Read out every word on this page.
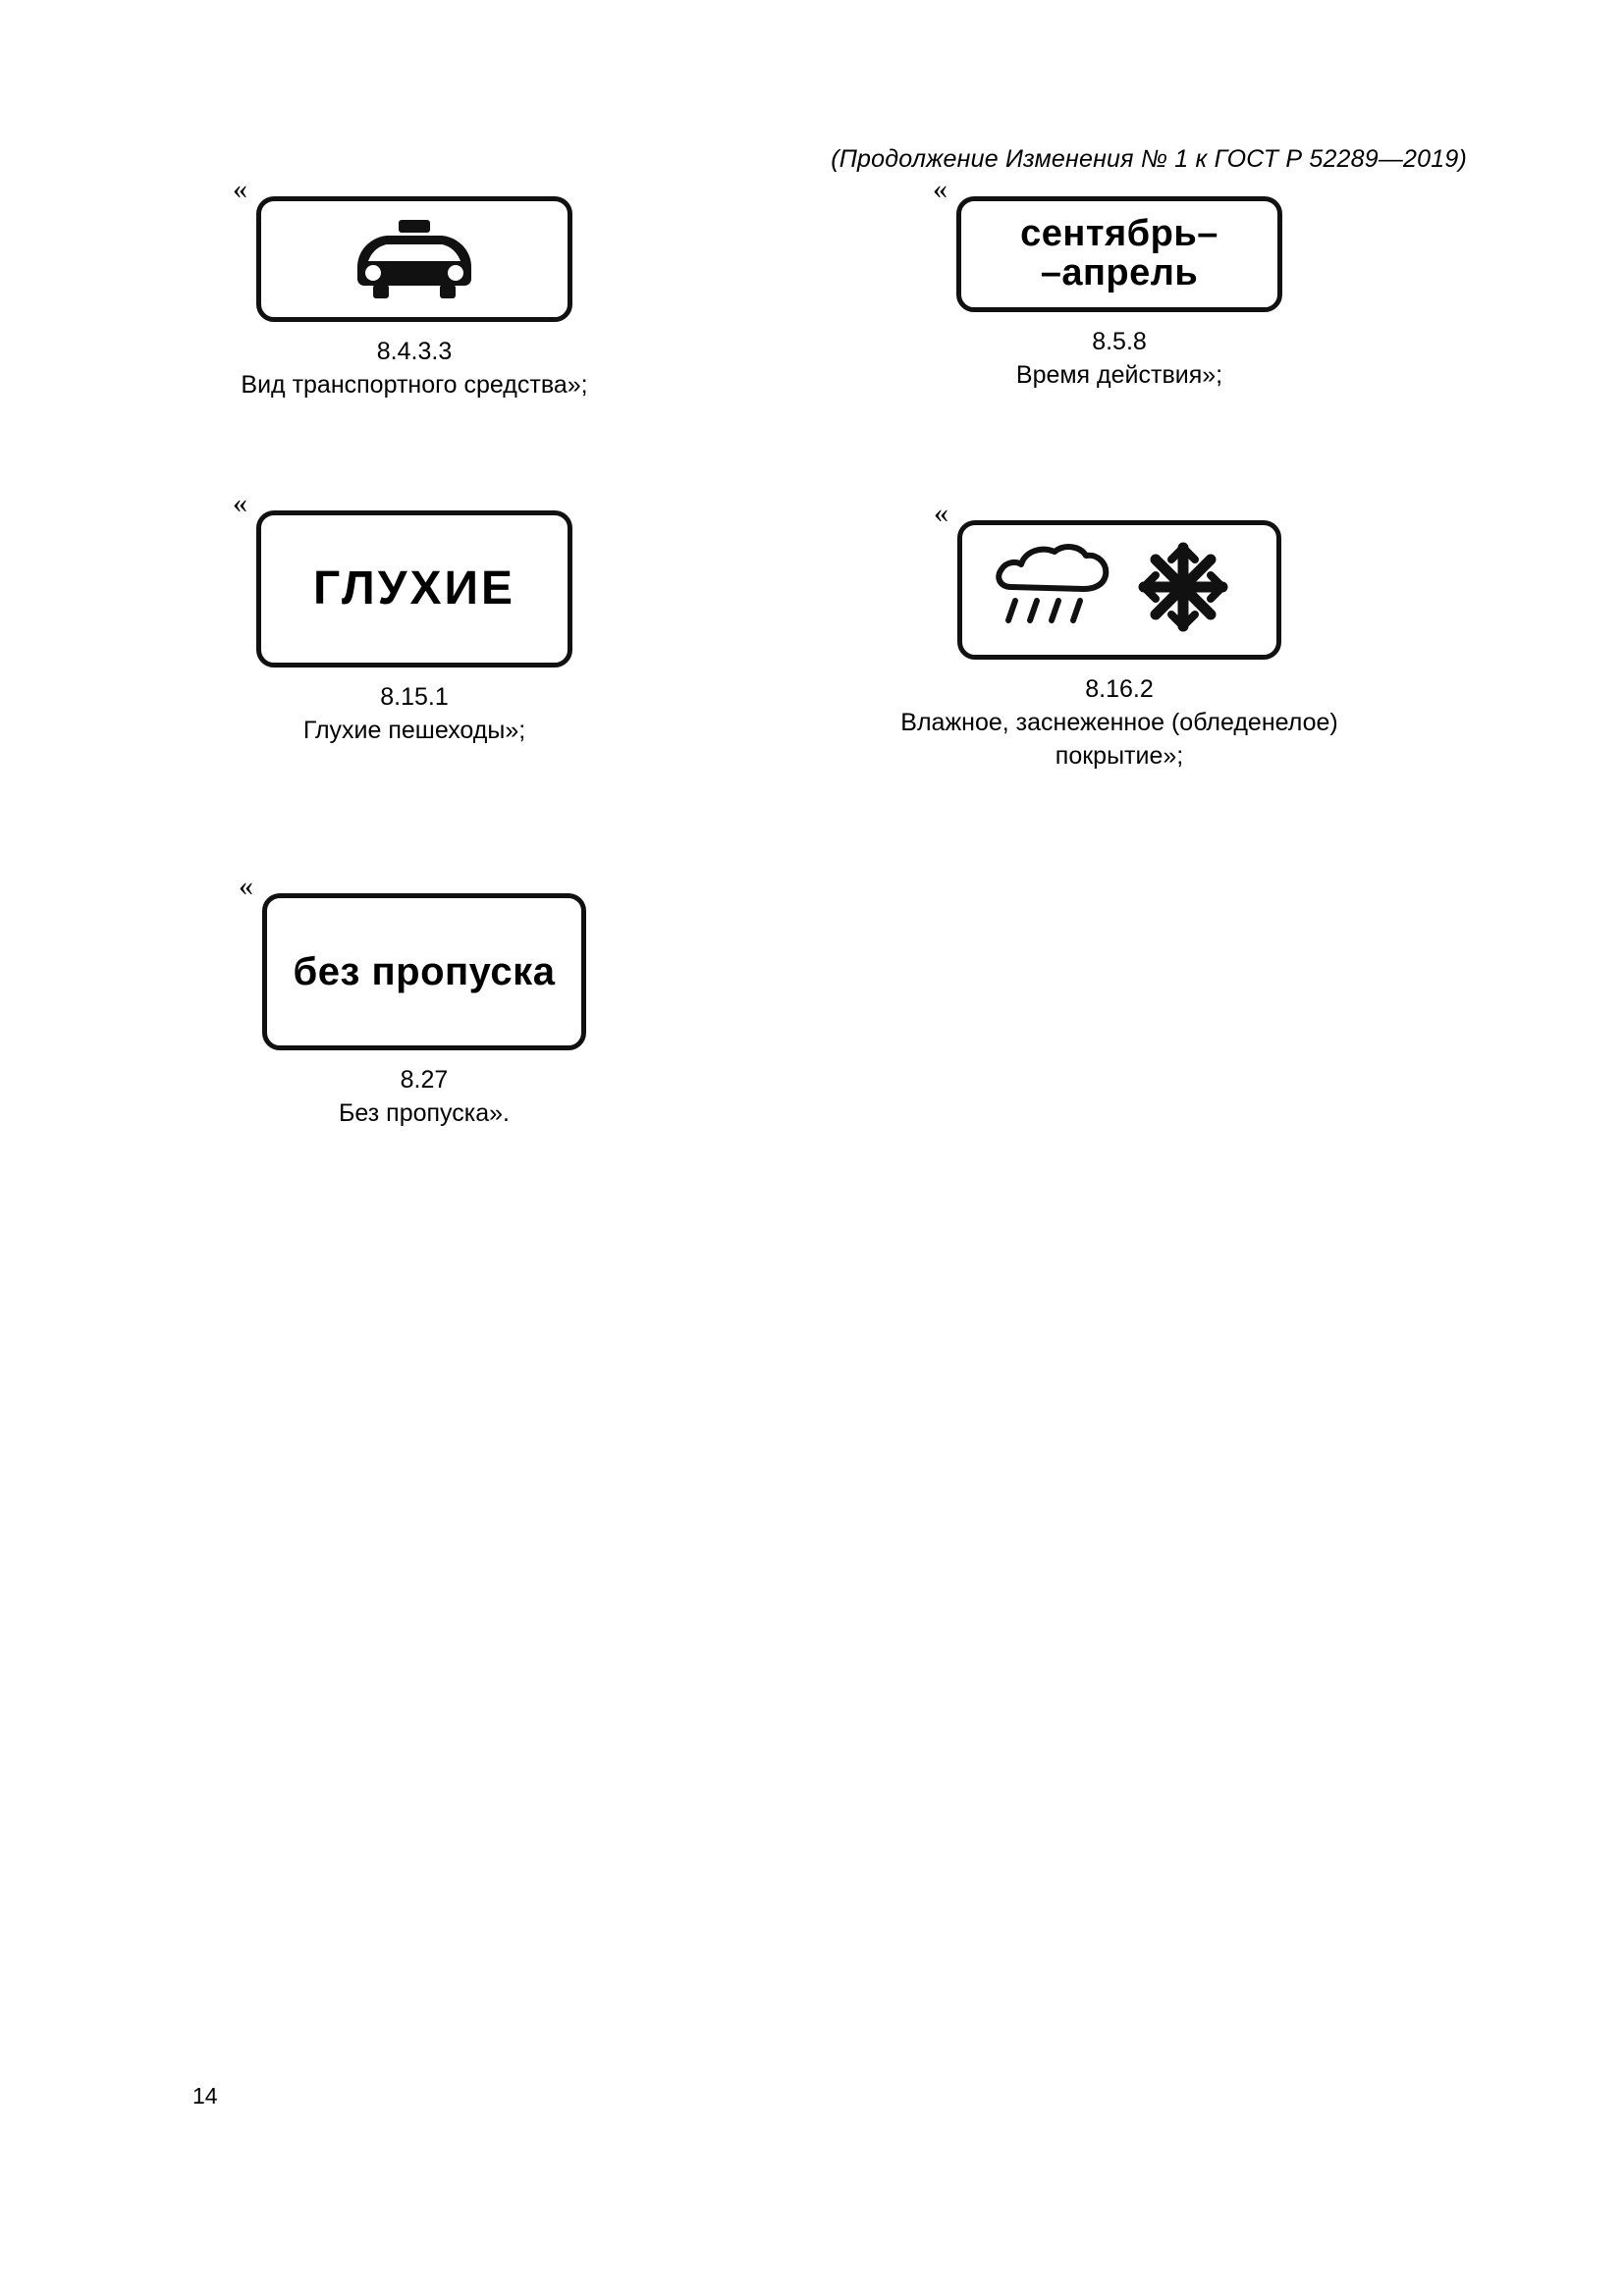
(Продолжение Изменения № 1 к ГОСТ Р 52289—2019)
«
8.4.3.3
Вид транспортного средства»;
«
сентябрь–
–апрель
8.5.8
Время действия»;
«
ГЛУХИЕ
8.15.1
Глухие пешеходы»;
«
8.16.2
Влажное, заснеженное (обледенелое)
покрытие»;
«
без пропуска
8.27
Без пропуска».
14
